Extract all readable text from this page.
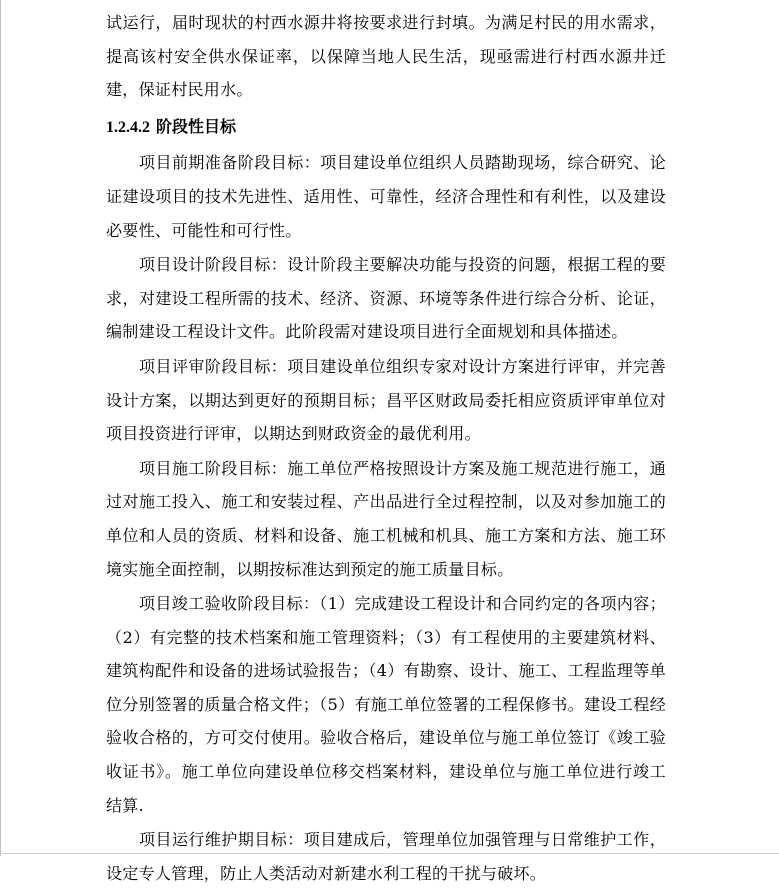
试运行，届时现状的村西水源井将按要求进行封填。为满足村民的用水需求，提高该村安全供水保证率，以保障当地人民生活，现亟需进行村西水源井迁建，保证村民用水。

1.2.4.2 阶段性目标

项目前期准备阶段目标：项目建设单位组织人员踏勘现场，综合研究、论证建设项目的技术先进性、适用性、可靠性，经济合理性和有利性，以及建设必要性、可能性和可行性。

项目设计阶段目标：设计阶段主要解决功能与投资的问题，根据工程的要求，对建设工程所需的技术、经济、资源、环境等条件进行综合分析、论证，编制建设工程设计文件。此阶段需对建设项目进行全面规划和具体描述。

项目评审阶段目标：项目建设单位组织专家对设计方案进行评审，并完善设计方案，以期达到更好的预期目标；昌平区财政局委托相应资质评审单位对项目投资进行评审，以期达到财政资金的最优利用。

项目施工阶段目标：施工单位严格按照设计方案及施工规范进行施工，通过对施工投入、施工和安装过程、产出品进行全过程控制，以及对参加施工的单位和人员的资质、材料和设备、施工机械和机具、施工方案和方法、施工环境实施全面控制，以期按标准达到预定的施工质量目标。

项目竣工验收阶段目标：（1）完成建设工程设计和合同约定的各项内容；（2）有完整的技术档案和施工管理资料；（3）有工程使用的主要建筑材料、建筑构配件和设备的进场试验报告；（4）有勘察、设计、施工、工程监理等单位分别签署的质量合格文件；（5）有施工单位签署的工程保修书。建设工程经验收合格的，方可交付使用。验收合格后，建设单位与施工单位签订《竣工验收证书》。施工单位向建设单位移交档案材料，建设单位与施工单位进行竣工结算.

项目运行维护期目标：项目建成后，管理单位加强管理与日常维护工作，设定专人管理，防止人类活动对新建水利工程的干扰与破坏。
